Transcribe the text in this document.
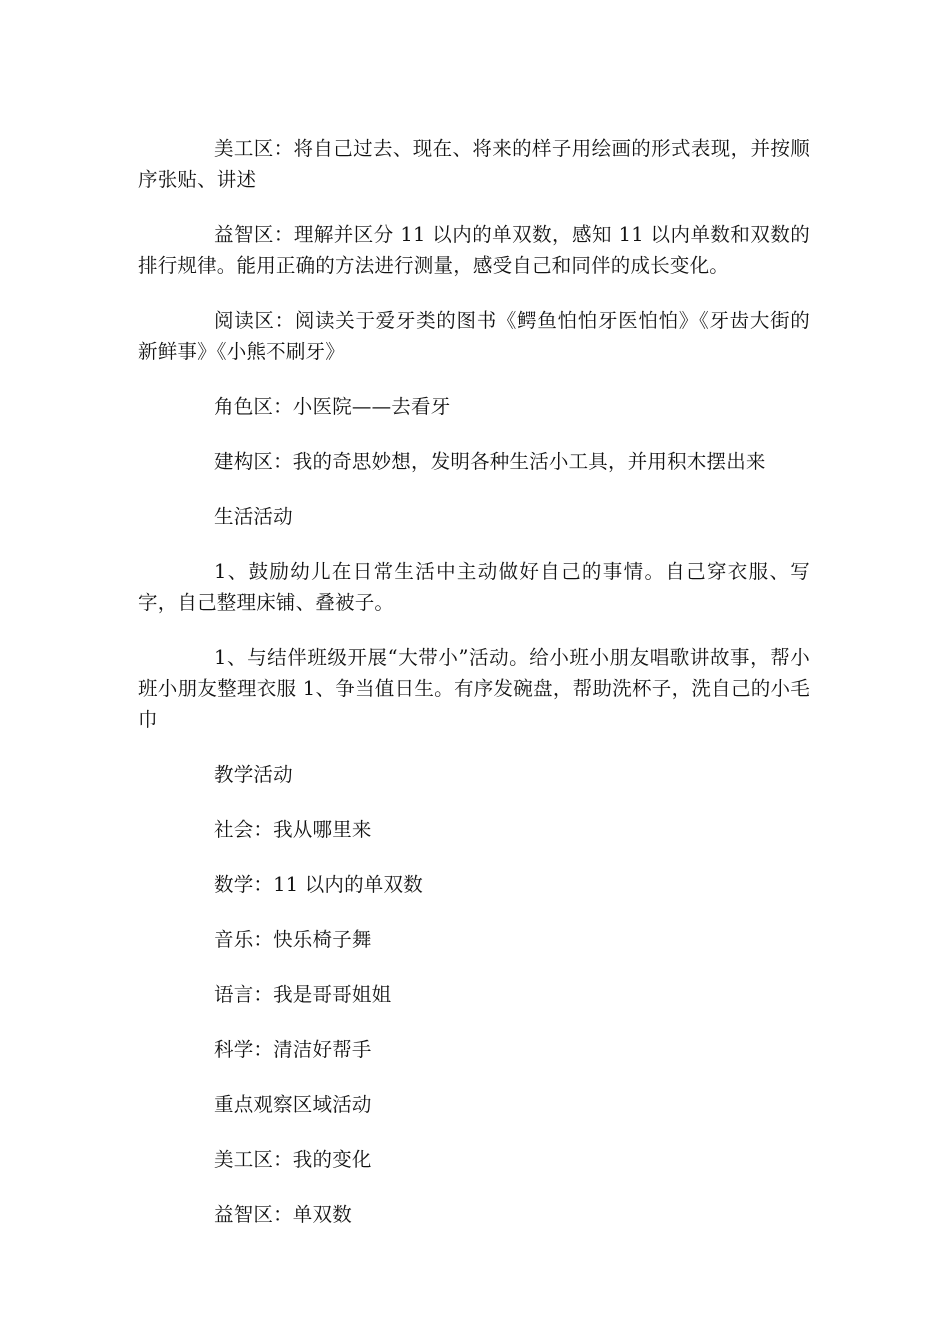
美工区：将自己过去、现在、将来的样子用绘画的形式表现，并按顺序张贴、讲述

益智区：理解并区分 11 以内的单双数，感知 11 以内单数和双数的排行规律。能用正确的方法进行测量，感受自己和同伴的成长变化。

阅读区：阅读关于爱牙类的图书《鳄鱼怕怕牙医怕怕》《牙齿大街的新鲜事》《小熊不刷牙》

角色区：小医院——去看牙

建构区：我的奇思妙想，发明各种生活小工具，并用积木摆出来

生活活动

1、鼓励幼儿在日常生活中主动做好自己的事情。自己穿衣服、写字，自己整理床铺、叠被子。

1、与结伴班级开展“大带小”活动。给小班小朋友唱歌讲故事，帮小班小朋友整理衣服 1、争当值日生。有序发碗盘，帮助洗杯子，洗自己的小毛巾

教学活动

社会：我从哪里来

数学：11 以内的单双数

音乐：快乐椅子舞

语言：我是哥哥姐姐

科学：清洁好帮手

重点观察区域活动

美工区：我的变化

益智区：单双数
